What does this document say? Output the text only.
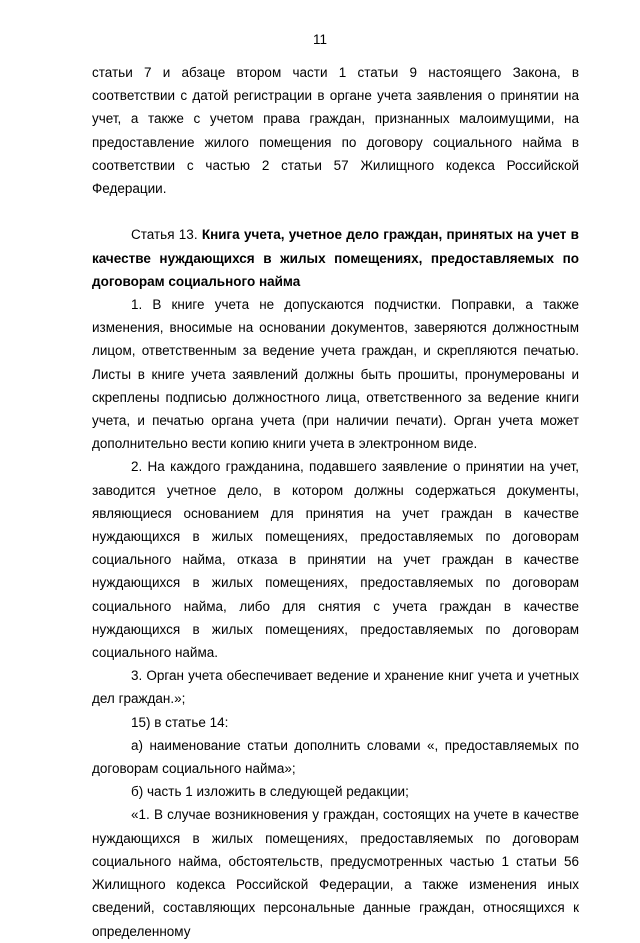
11

статьи 7 и абзаце втором части 1 статьи 9 настоящего Закона, в соответствии с датой регистрации в органе учета заявления о принятии на учет, а также с учетом права граждан, признанных малоимущими, на предоставление жилого помещения по договору социального найма в соответствии с частью 2 статьи 57 Жилищного кодекса Российской Федерации.

Статья 13. Книга учета, учетное дело граждан, принятых на учет в качестве нуждающихся в жилых помещениях, предоставляемых по договорам социального найма

1. В книге учета не допускаются подчистки. Поправки, а также изменения, вносимые на основании документов, заверяются должностным лицом, ответственным за ведение учета граждан, и скрепляются печатью. Листы в книге учета заявлений должны быть прошиты, пронумерованы и скреплены подписью должностного лица, ответственного за ведение книги учета, и печатью органа учета (при наличии печати). Орган учета может дополнительно вести копию книги учета в электронном виде.

2. На каждого гражданина, подавшего заявление о принятии на учет, заводится учетное дело, в котором должны содержаться документы, являющиеся основанием для принятия на учет граждан в качестве нуждающихся в жилых помещениях, предоставляемых по договорам социального найма, отказа в принятии на учет граждан в качестве нуждающихся в жилых помещениях, предоставляемых по договорам социального найма, либо для снятия с учета граждан в качестве нуждающихся в жилых помещениях, предоставляемых по договорам социального найма.

3. Орган учета обеспечивает ведение и хранение книг учета и учетных дел граждан.»;

15) в статье 14:

а) наименование статьи дополнить словами «, предоставляемых по договорам социального найма»;

б) часть 1 изложить в следующей редакции;

«1. В случае возникновения у граждан, состоящих на учете в качестве нуждающихся в жилых помещениях, предоставляемых по договорам социального найма, обстоятельств, предусмотренных частью 1 статьи 56 Жилищного кодекса Российской Федерации, а также изменения иных сведений, составляющих персональные данные граждан, относящихся к определенному
